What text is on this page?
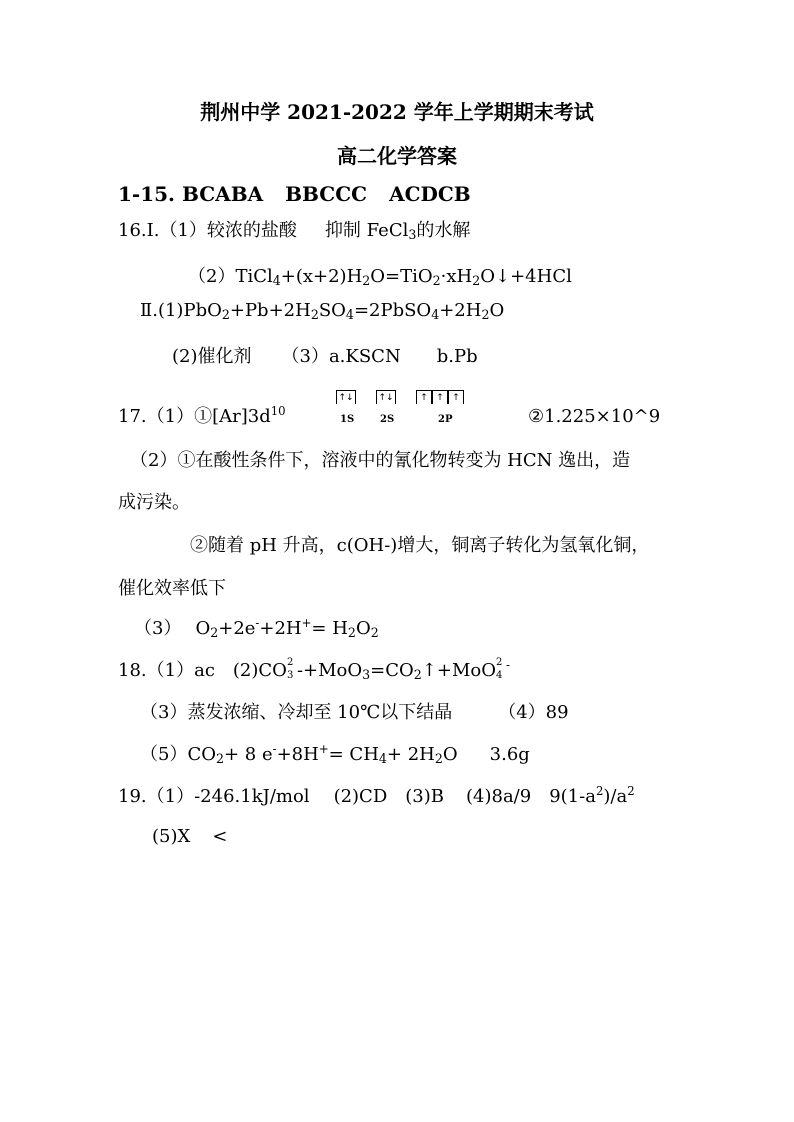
荆州中学 2021-2022 学年上学期期末考试
高二化学答案
1-15. BCABA BBCCC ACDCB
16.Ⅰ.（1）较浓的盐酸 抑制 FeCl$_3$的水解
$(2)TiCl_4+(x+2)H_2O=TiO_2\cdot xH_2O↓+4HCl$
$Ⅱ.(1)PbO_2+Pb+2H_2SO_4=2PbSO_4+2H_2O$
(2)催化剂 （3）a.KSCN b.Pb
$17.(1)①[Ar]3d^{10}$
↑↓
1S
↑↓
2S
↑ ↑ ↑
2P	②1.225×10^9
（2）①在酸性条件下，溶液中的氰化物转变为 HCN 逸出，造
成污染。
②随着 pH 升高，c(OH-)增大，铜离子转化为氢氧化铜，
催化效率低下
（3） $O_2+2e^-+2H^+= H_2O_2$
18.（1）ac (2)CO 2
3 $-+MoO_3=CO_2↑+MoO$ 2
4
-
（3）蒸发浓缩、冷却至 10℃以下结晶	（4）89
$(5)CO_2+ 8$ $e^-+8H^+= CH_4+ 2H_2O$ 3.6g
19.（1）-246.1kJ/mol (2)CD (3)B (4)8a/9 $9(1-a^2)/a^2$
(5)X <
